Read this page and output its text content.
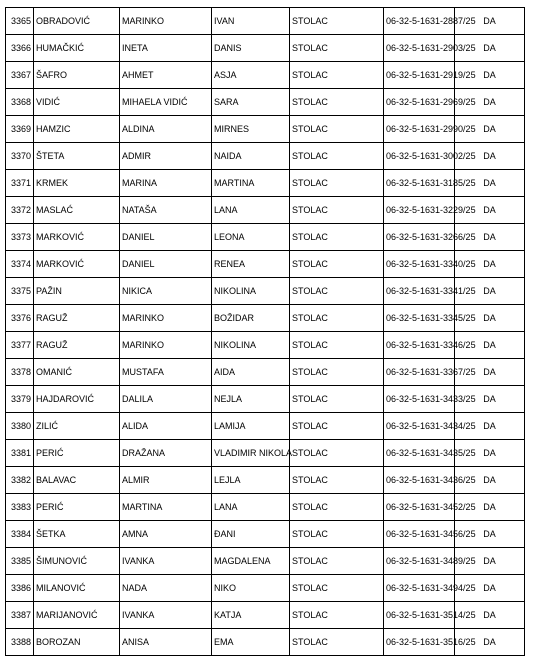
3365	OBRADOVIĆ	MARINKO	IVAN	STOLAC	06-32-5-1631-2887/25	DA
3366	HUMAČKIĆ	INETA	DANIS	STOLAC	06-32-5-1631-2903/25	DA
3367	ŠAFRO	AHMET	ASJA	STOLAC	06-32-5-1631-2919/25	DA
3368	VIDIĆ	MIHAELA VIDIĆ	SARA	STOLAC	06-32-5-1631-2969/25	DA
3369	HAMZIC	ALDINA	MIRNES	STOLAC	06-32-5-1631-2990/25	DA
3370	ŠTETA	ADMIR	NAIDA	STOLAC	06-32-5-1631-3002/25	DA
3371	KRMEK	MARINA	MARTINA	STOLAC	06-32-5-1631-3185/25	DA
3372	MASLAĆ	NATAŠA	LANA	STOLAC	06-32-5-1631-3229/25	DA
3373	MARKOVIĆ	DANIEL	LEONA	STOLAC	06-32-5-1631-3266/25	DA
3374	MARKOVIĆ	DANIEL	RENEA	STOLAC	06-32-5-1631-3340/25	DA
3375	PAŽIN	NIKICA	NIKOLINA	STOLAC	06-32-5-1631-3341/25	DA
3376	RAGUŽ	MARINKO	BOŽIDAR	STOLAC	06-32-5-1631-3345/25	DA
3377	RAGUŽ	MARINKO	NIKOLINA	STOLAC	06-32-5-1631-3346/25	DA
3378	OMANIĆ	MUSTAFA	AIDA	STOLAC	06-32-5-1631-3367/25	DA
3379	HAJDAROVIĆ	DALILA	NEJLA	STOLAC	06-32-5-1631-3433/25	DA
3380	ZILIĆ	ALIDA	LAMIJA	STOLAC	06-32-5-1631-3434/25	DA
3381	PERIĆ	DRAŽANA	VLADIMIR NIKOLA	STOLAC	06-32-5-1631-3435/25	DA
3382	BALAVAC	ALMIR	LEJLA	STOLAC	06-32-5-1631-3436/25	DA
3383	PERIĆ	MARTINA	LANA	STOLAC	06-32-5-1631-3452/25	DA
3384	ŠETKA	AMNA	ĐANI	STOLAC	06-32-5-1631-3456/25	DA
3385	ŠIMUNOVIĆ	IVANKA	MAGDALENA	STOLAC	06-32-5-1631-3489/25	DA
3386	MILANOVIĆ	NADA	NIKO	STOLAC	06-32-5-1631-3494/25	DA
3387	MARIJANOVIĆ	IVANKA	KATJA	STOLAC	06-32-5-1631-3514/25	DA
3388	BOROZAN	ANISA	EMA	STOLAC	06-32-5-1631-3516/25	DA
